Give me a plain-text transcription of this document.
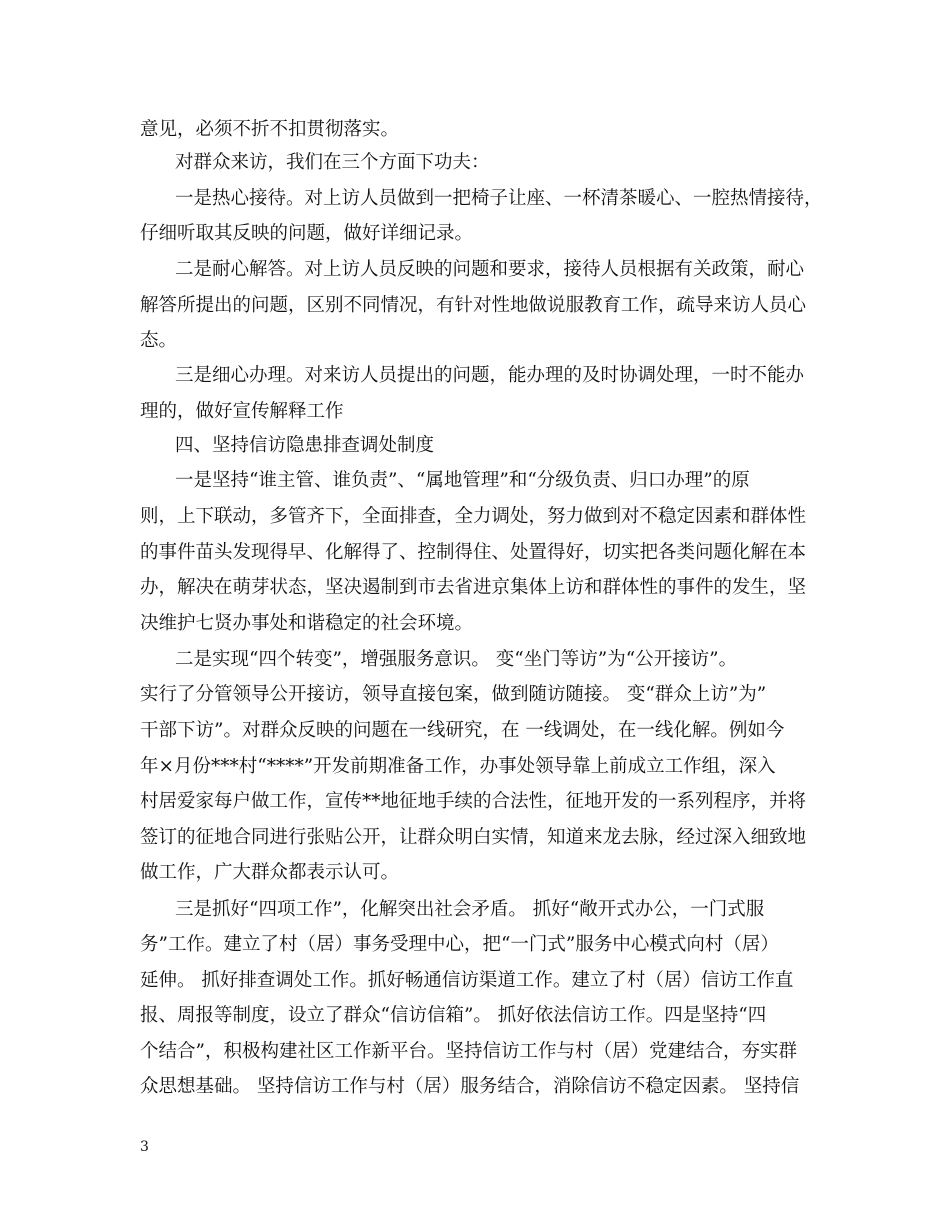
意见，必须不折不扣贯彻落实。
对群众来访，我们在三个方面下功夫：
一是热心接待。对上访人员做到一把椅子让座、一杯清茶暖心、一腔热情接待，
仔细听取其反映的问题，做好详细记录。
二是耐心解答。对上访人员反映的问题和要求，接待人员根据有关政策，耐心
解答所提出的问题，区别不同情况，有针对性地做说服教育工作，疏导来访人员心
态。
三是细心办理。对来访人员提出的问题，能办理的及时协调处理，一时不能办
理的，做好宣传解释工作
四、坚持信访隐患排查调处制度
一是坚持“谁主管、谁负责”、“属地管理”和“分级负责、归口办理”的原
则，上下联动，多管齐下，全面排查，全力调处，努力做到对不稳定因素和群体性
的事件苗头发现得早、化解得了、控制得住、处置得好，切实把各类问题化解在本
办，解决在萌芽状态，坚决遏制到市去省进京集体上访和群体性的事件的发生，坚
决维护七贤办事处和谐稳定的社会环境。
二是实现“四个转变”，增强服务意识。 变“坐门等访”为“公开接访”。
实行了分管领导公开接访，领导直接包案，做到随访随接。 变“群众上访”为”
干部下访”。对群众反映的问题在一线研究，在 一线调处，在一线化解。例如今
年×月份***村“****”开发前期准备工作，办事处领导靠上前成立工作组，深入
村居爱家每户做工作，宣传**地征地手续的合法性，征地开发的一系列程序，并将
签订的征地合同进行张贴公开，让群众明白实情，知道来龙去脉，经过深入细致地
做工作，广大群众都表示认可。
三是抓好“四项工作”，化解突出社会矛盾。 抓好“敞开式办公，一门式服
务”工作。建立了村（居）事务受理中心，把“一门式”服务中心模式向村（居）
延伸。 抓好排查调处工作。抓好畅通信访渠道工作。建立了村（居）信访工作直
报、周报等制度，设立了群众“信访信箱”。 抓好依法信访工作。四是坚持“四
个结合”，积极构建社区工作新平台。坚持信访工作与村（居）党建结合，夯实群
众思想基础。 坚持信访工作与村（居）服务结合，消除信访不稳定因素。 坚持信
3
